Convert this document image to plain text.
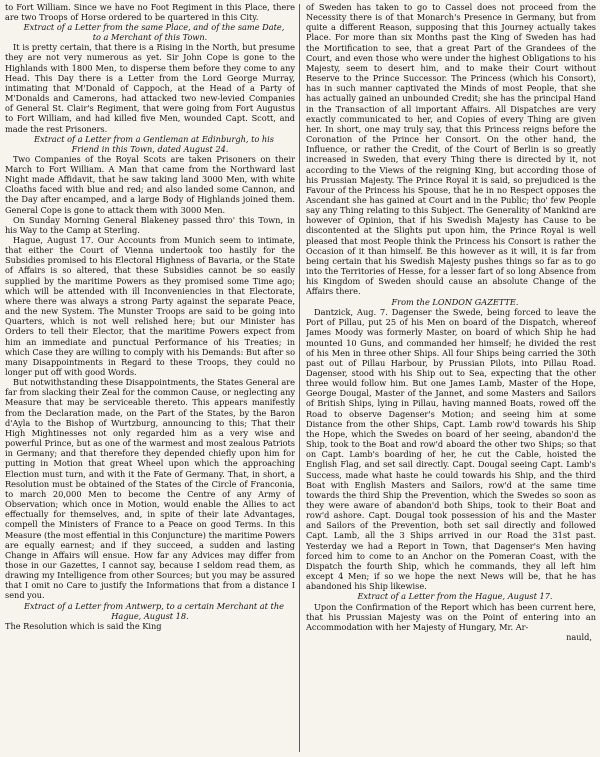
to Fort William. Since we have no Foot Regiment in this Place, there are two Troops of Horse ordered to be quartered in this City.

Extract of a Letter from the same Place, and of the same Date, to a Merchant of this Town.

It is pretty certain, that there is a Rising in the North, but presume they are not very numerous as yet. Sir John Cope is gone to the Highlands with 1800 Men, to disperse them before they come to any Head. This Day there is a Letter from the Lord George Murray, intimating that M'Donald of Cappoch, at the Head of a Party of M'Donalds and Camerons, had attacked two new-levied Companies of General St. Clair's Regiment, that were going from Fort Augustus to Fort William, and had killed five Men, wounded Capt. Scott, and made the rest Prisoners.

Extract of a Letter from a Gentleman at Edinburgh, to his Friend in this Town, dated August 24.

Two Companies of the Royal Scots are taken Prisoners on their March to Fort William. A Man that came from the Northward last Night made Affidavit, that he saw taking land 3000 Men, with white Cloaths faced with blue and red; and also landed some Cannon, and the Day after encamped, and a large Body of Highlands joined them. General Cope is gone to attack them with 3000 Men.

On Sunday Morning General Blakeney passed thro' this Town, in his Way to the Camp at Sterling.

Hague, August 17. Our Accounts from Munich seem to intimate, that either the Court of Vienna undertook too hastily for the Subsidies promised to his Electoral Highness of Bavaria, or the State of Affairs is so altered, that these Subsidies cannot be so easily supplied by the maritime Powers as they promised some Time ago; which will be attended with ill Inconveniencies in that Electorate, where there was always a strong Party against the separate Peace, and the new System. The Munster Troops are said to be going into Quarters, which is not well relished here; but our Minister has Orders to tell their Elector, that the maritime Powers expect from him an immediate and punctual Performance of his Treaties; in which Case they are willing to comply with his Demands: But after so many Disappointments in Regard to these Troops, they could no longer put off with good Words.

But notwithstanding these Disappointments, the States General are far from slacking their Zeal for the common Cause, or neglecting any Measure that may be serviceable thereto. This appears manifestly from the Declaration made, on the Part of the States, by the Baron d'Ayla to the Bishop of Wurtzburg, announcing to this; That their High Mightinesses not only regarded him as a very wise and powerful Prince, but as one of the warmest and most zealous Patriots in Germany; and that therefore they depended chiefly upon him for putting in Motion that great Wheel upon which the approaching Election must turn, and with it the Fate of Germany. That, in short, a Resolution must be obtained of the States of the Circle of Franconia, to march 20,000 Men to become the Centre of any Army of Observation; which once in Motion, would enable the Allies to act effectually for themselves, and, in spite of their late Advantages, compell the Ministers of France to a Peace on good Terms. In this Measure (the most effential in this Conjuncture) the maritime Powers are equally earnest; and if they succeed, a sudden and lasting Change in Affairs will ensue. How far any Advices may differ from those in our Gazettes, I cannot say, because I seldom read them, as drawing my Intelligence from other Sources; but you may be assured that I omit no Care to justify the Informations that from a distance I send you.

Extract of a Letter from Antwerp, to a certain Merchant at the Hague, August 18.

The Resolution which is said the King

of Sweden has taken to go to Cassel does not proceed from the Necessity there is of that Monarch's Presence in Germany, but from quite a different Reason, supposing that this Journey actually takes Place. For more than six Months past the King of Sweden has had the Mortification to see, that a great Part of the Grandees of the Court, and even those who were under the highest Obligations to his Majesty, seem to desert him, and to make their Court without Reserve to the Prince Successor. The Princess (which his Consort), has in such manner captivated the Minds of most People, that she has actually gained an unbounded Credit; she has the principal Hand in the Transaction of all important Affairs. All Dispatches are very exactly communicated to her, and Copies of every Thing are given her. In short, one may truly say, that this Princess reigns before the Coronation of the Prince her Consort. On the other hand, the Influence, or rather the Credit, of the Court of Berlin is so greatly increased in Sweden, that every Thing there is directed by it, not according to the Views of the reigning King, but according those of his Prussian Majesty. The Prince Royal it is said, so prejudiced is the Favour of the Princess his Spouse, that he in no Respect opposes the Ascendant she has gained at Court and in the Public; tho' few People say any Thing relating to this Subject. The Generality of Mankind are however of Opinion, that if his Swedish Majesty has Cause to be discontented at the Slights put upon him, the Prince Royal is well pleased that most People think the Princess his Consort is rather the Occasion of it than himself. Be this however as it will, it is far from being certain that his Swedish Majesty pushes things so far as to go into the Territories of Hesse, for a lesser fart of so long Absence from his Kingdom of Sweden should cause an absolute Change of the Affairs there.

From the LONDON GAZETTE.

Dantzick, Aug. 7. Dagenser the Swede, being forced to leave the Port of Pillau, put 25 of his Men on board of the Dispatch, whereof James Moody was formerly Master, on board of which Ship he had mounted 10 Guns, and commanded her himself; he divided the rest of his Men in three other Ships. All four Ships being carried the 30th past out of Pillau Harbour, by Prussian Pilots, into Pillau Road. Dagenser, stood with his Ship out to Sea, expecting that the other three would follow him. But one James Lamb, Master of the Hope, George Dougal, Master of the Jannet, and some Masters and Sailors of British Ships, lying in Pillau, having manned Boats, rowed off the Road to observe Dagenser's Motion; and seeing him at some Distance from the other Ships, Capt. Lamb row'd towards his Ship the Hope, which the Swedes on board of her seeing, abandon'd the Ship, took to the Boat and row'd aboard the other two Ships; so that on Capt. Lamb's boarding of her, he cut the Cable, hoisted the English Flag, and set sail directly. Capt. Dougal seeing Capt. Lamb's Success, made what haste he could towards his Ship, and the third Boat with English Masters and Sailors, row'd at the same time towards the third Ship the Prevention, which the Swedes so soon as they were aware of abandon'd both Ships, took to their Boat and row'd ashore. Capt. Dougal took possession of his and the Master and Sailors of the Prevention, both set sail directly and followed Capt. Lamb, all the 3 Ships arrived in our Road the 31st past. Yesterday we had a Report in Town, that Dagenser's Men having forced him to come to an Anchor on the Pomeran Coast, with the Dispatch the fourth Ship, which he commands, they all left him except 4 Men; if so we hope the next News will be, that he has abandoned his Ship likewise.

Extract of a Letter from the Hague, August 17.

Upon the Confirmation of the Report which has been current here, that his Prussian Majesty was on the Point of entering into an Accommodation with her Majesty of Hungary, Mr. Ar-

nauld,
